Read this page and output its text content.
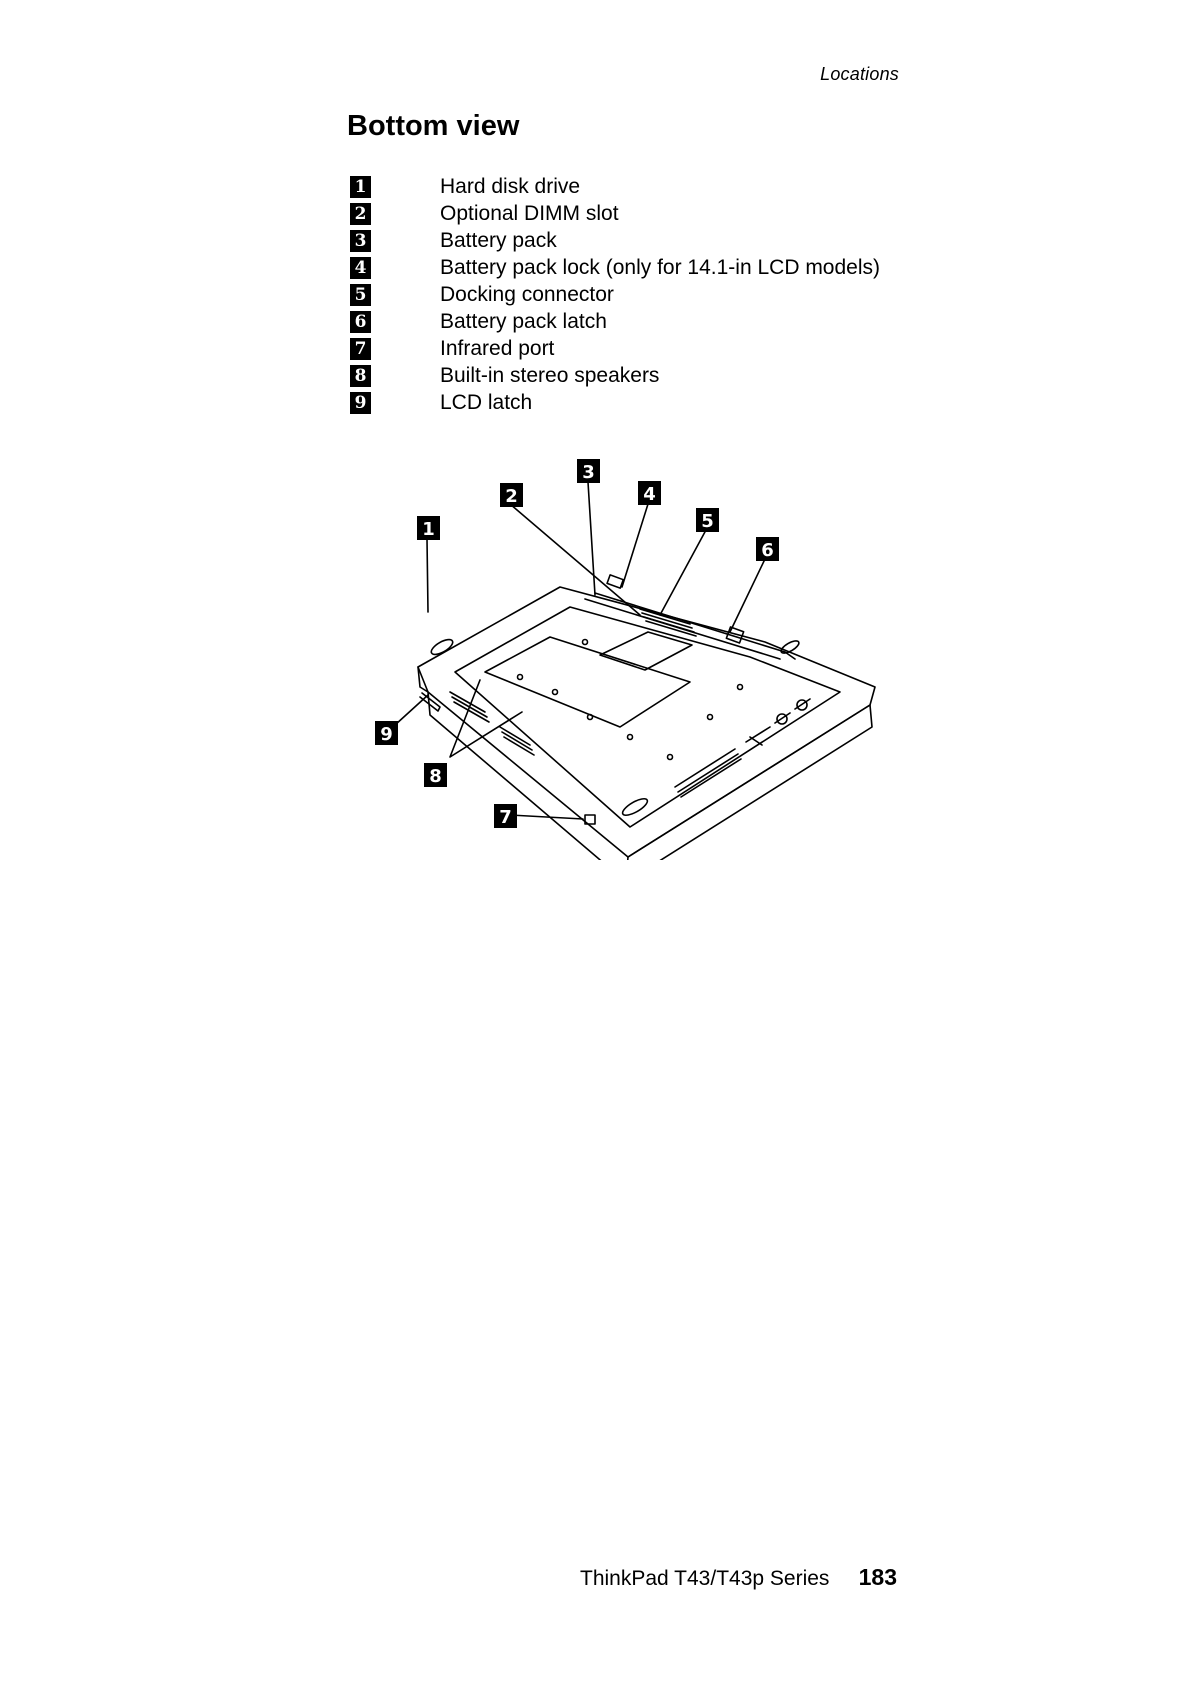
Locations
Bottom view
1	Hard disk drive
2	Optional DIMM slot
3	Battery pack
4	Battery pack lock (only for 14.1-in LCD models)
5	Docking connector
6	Battery pack latch
7	Infrared port
8	Built-in stereo speakers
9	LCD latch
1
2
3
4
5
6
7
8
9
ThinkPad T43/T43p Series 183
